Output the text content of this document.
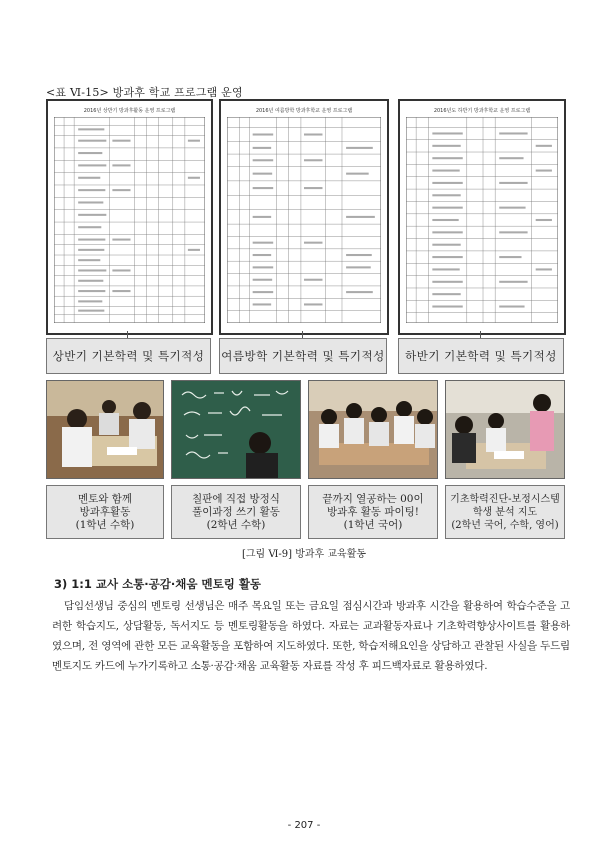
<표 Ⅵ-15> 방과후 학교 프로그램 운영
2016년 상반기 방과후활동 운영 프로그램	2016년 여름방학 방과후학교 운영 프로그램	2016년도 하반기 방과후학교 운영 프로그램
상반기 기본학력 및 특기적성	여름방학 기본학력 및 특기적성	하반기 기본학력 및 특기적성
멘토와 함께
방과후활동
(1학년 수학)
칠판에 직접 방정식
풀이과정 쓰기 활동
(2학년 수학)
끝까지 열공하는 00이
방과후 활동 파이팅!
(1학년 국어)
기초학력진단-보정시스템
학생 분석 지도
(2학년 국어, 수학, 영어)
[그림 Ⅵ-9] 방과후 교육활동
3) 1:1 교사 소통·공감·채움 멘토링 활동
담임선생님 중심의 멘토링 선생님은 매주 목요일 또는 금요일 점심시간과 방과후 시간을 활용하여 학습수준을 고려한 학습지도, 상담활동, 독서지도 등 멘토링활동을 하였다. 자료는 교과활동자료나 기초학력향상사이트를 활용하였으며, 전 영역에 관한 모든 교육활동을 포함하여 지도하였다. 또한, 학습저해요인을 상담하고 관찰된 사실을 두드림 멘토지도 카드에 누가기록하고 소통·공감·채움 교육활동 자료를 작성 후 피드백자료로 활용하였다.
- 207 -
